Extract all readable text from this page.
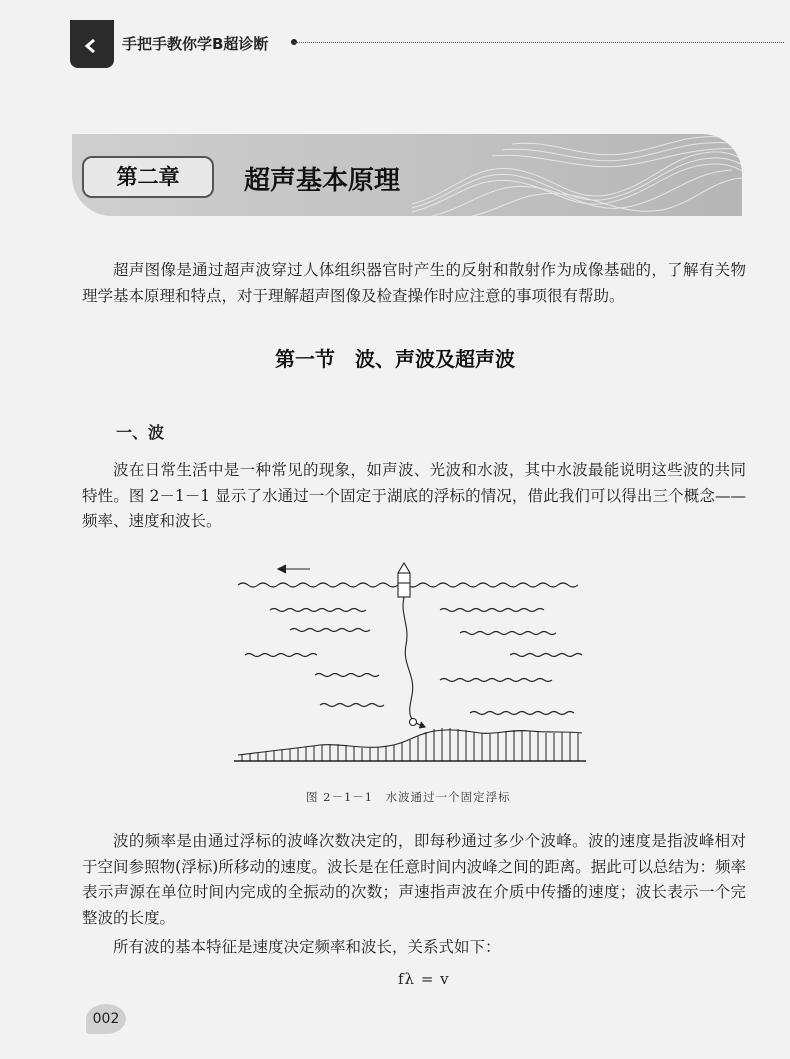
手把手教你学B超诊断
第二章	超声基本原理
超声图像是通过超声波穿过人体组织器官时产生的反射和散射作为成像基础的，了解有关物理学基本原理和特点，对于理解超声图像及检查操作时应注意的事项很有帮助。
第一节　波、声波及超声波
一、波
波在日常生活中是一种常见的现象，如声波、光波和水波，其中水波最能说明这些波的共同特性。图 2－1－1 显示了水通过一个固定于湖底的浮标的情况，借此我们可以得出三个概念——频率、速度和波长。
图 2－1－1　水波通过一个固定浮标
波的频率是由通过浮标的波峰次数决定的，即每秒通过多少个波峰。波的速度是指波峰相对于空间参照物(浮标)所移动的速度。波长是在任意时间内波峰之间的距离。据此可以总结为：频率表示声源在单位时间内完成的全振动的次数；声速指声波在介质中传播的速度；波长表示一个完整波的长度。
所有波的基本特征是速度决定频率和波长，关系式如下：
fλ = v
002
